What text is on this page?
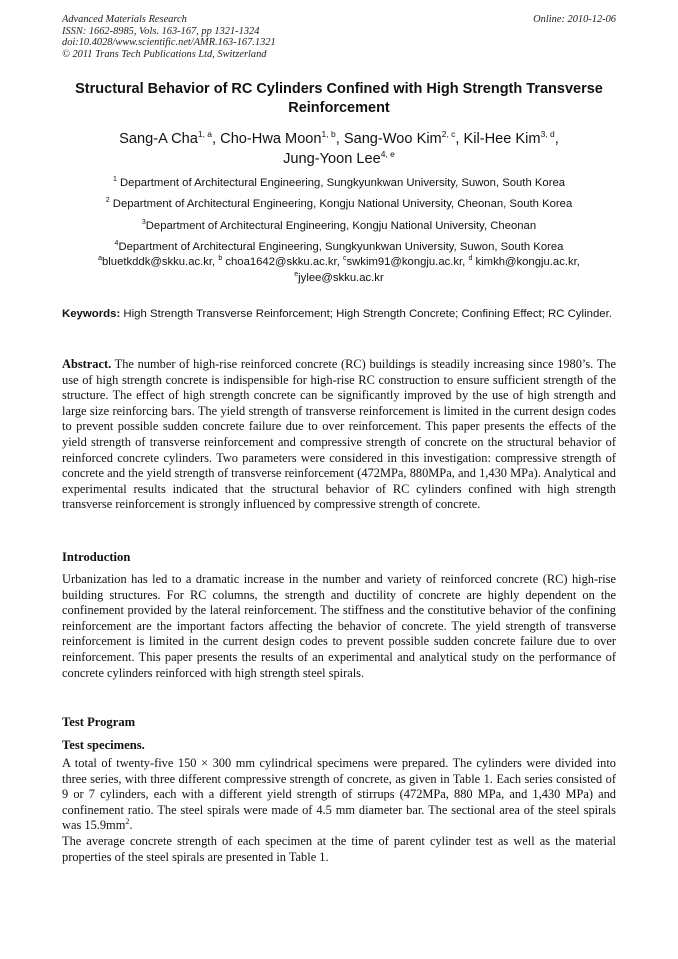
Advanced Materials Research
ISSN: 1662-8985, Vols. 163-167, pp 1321-1324
doi:10.4028/www.scientific.net/AMR.163-167.1321
© 2011 Trans Tech Publications Ltd, Switzerland
Online: 2010-12-06
Structural Behavior of RC Cylinders Confined with High Strength Transverse Reinforcement
Sang-A Cha$^{1, a}$, Cho-Hwa Moon$^{1, b}$, Sang-Woo Kim$^{2, c}$, Kil-Hee Kim$^{3, d}$,
Jung-Yoon Lee$^{4, e}$
$^1$ Department of Architectural Engineering, Sungkyunkwan University, Suwon, South Korea
$^2$ Department of Architectural Engineering, Kongju National University, Cheonan, South Korea
$^3$Department of Architectural Engineering, Kongju National University, Cheonan
$^4$Department of Architectural Engineering, Sungkyunkwan University, Suwon, South Korea
$^a$bluetkddk@skku.ac.kr, $^b$ choa1642@skku.ac.kr, $^c$swkim91@kongju.ac.kr, $^d$ kimkh@kongju.ac.kr,
$^e$jylee@skku.ac.kr
Keywords: High Strength Transverse Reinforcement; High Strength Concrete; Confining Effect; RC Cylinder.
Abstract. The number of high-rise reinforced concrete (RC) buildings is steadily increasing since 1980’s. The use of high strength concrete is indispensible for high-rise RC construction to ensure sufficient strength of the structure. The effect of high strength concrete can be significantly improved by the use of high strength and large size reinforcing bars. The yield strength of transverse reinforcement is limited in the current design codes to prevent possible sudden concrete failure due to over reinforcement. This paper presents the effects of the yield strength of transverse reinforcement and compressive strength of concrete on the structural behavior of reinforced concrete cylinders. Two parameters were considered in this investigation: compressive strength of concrete and the yield strength of transverse reinforcement (472MPa, 880MPa, and 1,430 MPa). Analytical and experimental results indicated that the structural behavior of RC cylinders confined with high strength transverse reinforcement is strongly influenced by compressive strength of concrete.
Introduction
Urbanization has led to a dramatic increase in the number and variety of reinforced concrete (RC) high-rise building structures. For RC columns, the strength and ductility of concrete are highly dependent on the confinement provided by the lateral reinforcement. The stiffness and the constitutive behavior of the confining reinforcement are the important factors affecting the behavior of concrete. The yield strength of transverse reinforcement is limited in the current design codes to prevent possible sudden concrete failure due to over reinforcement. This paper presents the results of an experimental and analytical study on the performance of concrete cylinders reinforced with high strength steel spirals.
Test Program
Test specimens.
A total of twenty-five 150 × 300 mm cylindrical specimens were prepared. The cylinders were divided into three series, with three different compressive strength of concrete, as given in Table 1. Each series consisted of 9 or 7 cylinders, each with a different yield strength of stirrups (472MPa, 880 MPa, and 1,430 MPa) and confinement ratio. The steel spirals were made of 4.5 mm diameter bar. The sectional area of the steel spirals was $15.9mm^2$.
The average concrete strength of each specimen at the time of parent cylinder test as well as the material properties of the steel spirals are presented in Table 1.
